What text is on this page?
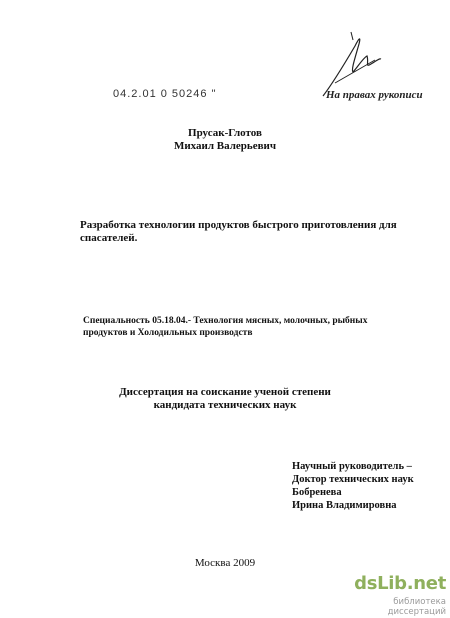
04.2.01 0 50246 "	На правах рукописи
Прусак-Глотов
Михаил Валерьевич
Разработка технологии продуктов быстрого приготовления для спасателей.
Специальность 05.18.04.- Технология мясных, молочных, рыбных продуктов и Холодильных производств
Диссертация на соискание ученой степени
кандидата технических наук
Научный руководитель –
Доктор технических наук
Бобренева
Ирина Владимировна
Москва 2009
dsLib.net
библиотека диссертаций
